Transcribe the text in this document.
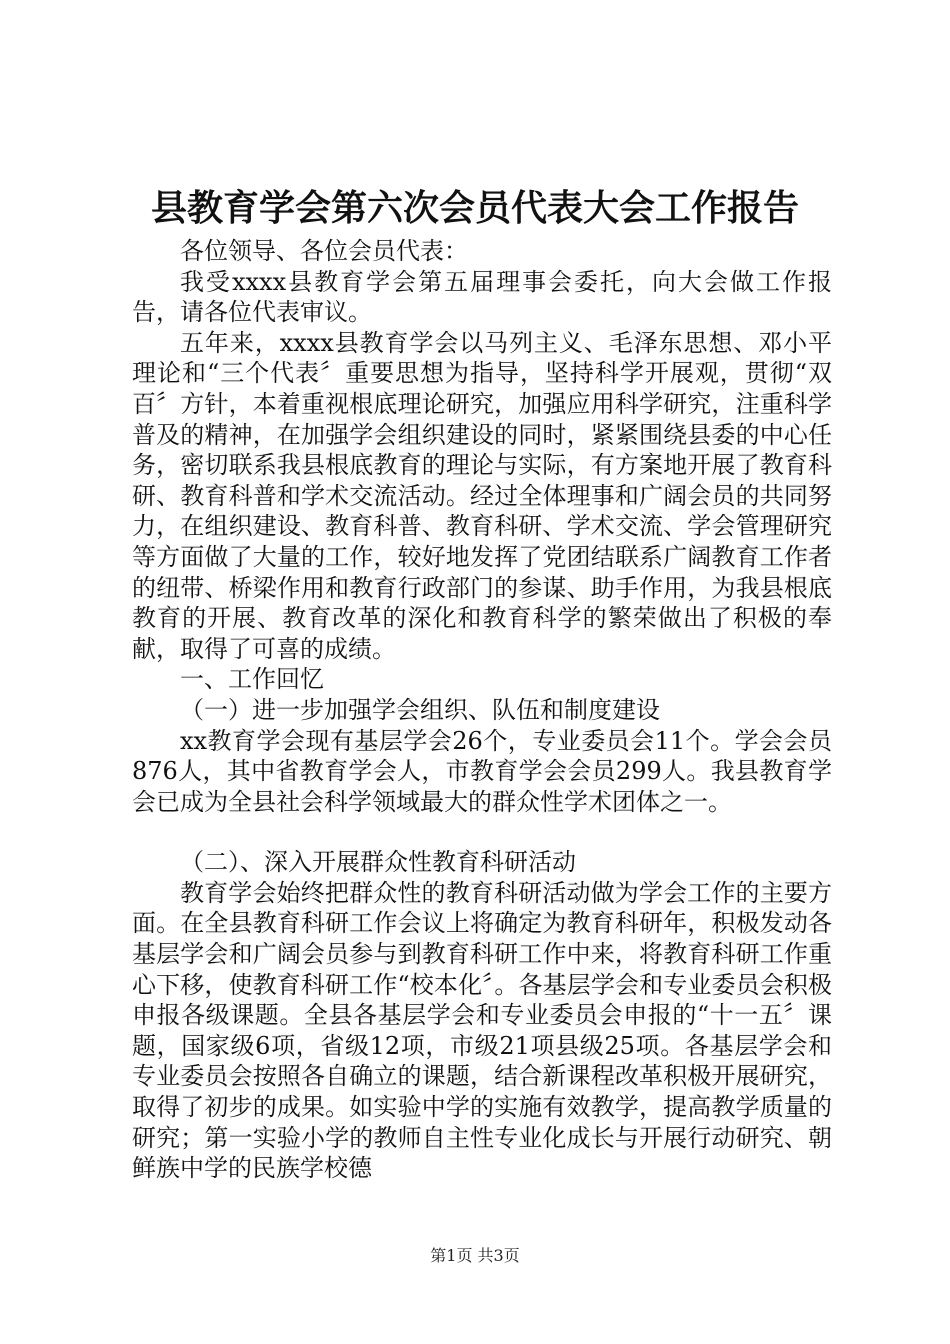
县教育学会第六次会员代表大会工作报告

各位领导、各位会员代表：

我受xxxx县教育学会第五届理事会委托，向大会做工作报告，请各位代表审议。

五年来，xxxx县教育学会以马列主义、毛泽东思想、邓小平理论和“三个代表〞重要思想为指导，坚持科学开展观，贯彻“双百〞方针，本着重视根底理论研究，加强应用科学研究，注重科学普及的精神，在加强学会组织建设的同时，紧紧围绕县委的中心任务，密切联系我县根底教育的理论与实际，有方案地开展了教育科研、教育科普和学术交流活动。经过全体理事和广阔会员的共同努力，在组织建设、教育科普、教育科研、学术交流、学会管理研究等方面做了大量的工作，较好地发挥了党团结联系广阔教育工作者的纽带、桥梁作用和教育行政部门的参谋、助手作用，为我县根底教育的开展、教育改革的深化和教育科学的繁荣做出了积极的奉献，取得了可喜的成绩。

一、工作回忆

（一）进一步加强学会组织、队伍和制度建设

xx教育学会现有基层学会26个，专业委员会11个。学会会员876人，其中省教育学会人，市教育学会会员299人。我县教育学会已成为全县社会科学领域最大的群众性学术团体之一。

（二）、深入开展群众性教育科研活动

教育学会始终把群众性的教育科研活动做为学会工作的主要方面。在全县教育科研工作会议上将确定为教育科研年，积极发动各基层学会和广阔会员参与到教育科研工作中来，将教育科研工作重心下移，使教育科研工作“校本化〞。各基层学会和专业委员会积极申报各级课题。全县各基层学会和专业委员会申报的“十一五〞课题，国家级6项，省级12项，市级21项县级25项。各基层学会和专业委员会按照各自确立的课题，结合新课程改革积极开展研究，取得了初步的成果。如实验中学的实施有效教学，提高教学质量的研究；第一实验小学的教师自主性专业化成长与开展行动研究、朝鲜族中学的民族学校德

第1页 共3页
